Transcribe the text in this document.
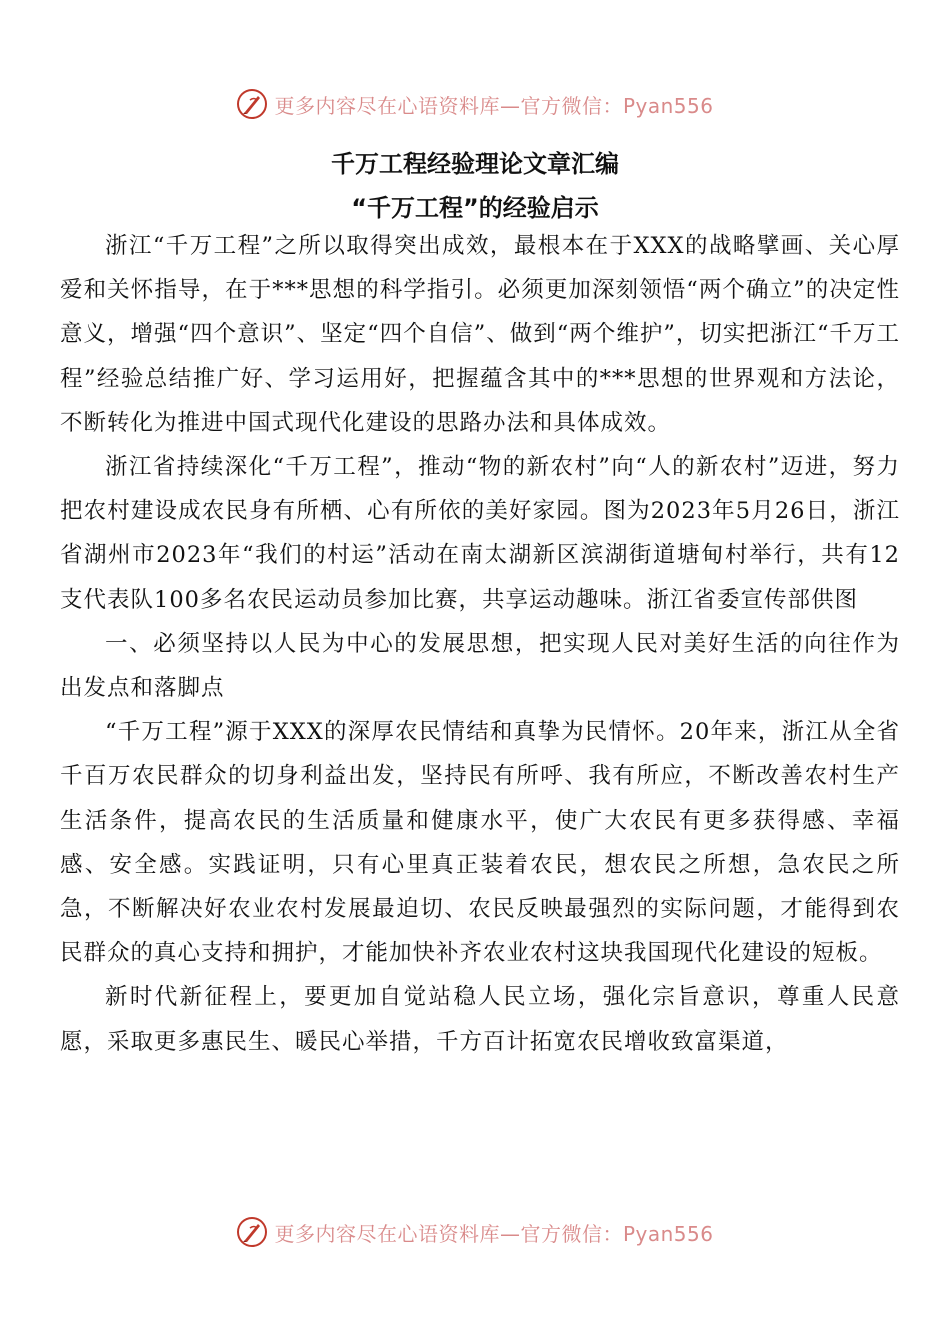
更多内容尽在心语资料库—官方微信：Pyan556
千万工程经验理论文章汇编
“千万工程”的经验启示

浙江“千万工程”之所以取得突出成效，最根本在于XXX的战略擘画、关心厚爱和关怀指导，在于***思想的科学指引。必须更加深刻领悟“两个确立”的决定性意义，增强“四个意识”、坚定“四个自信”、做到“两个维护”，切实把浙江“千万工程”经验总结推广好、学习运用好，把握蕴含其中的***思想的世界观和方法论，不断转化为推进中国式现代化建设的思路办法和具体成效。

浙江省持续深化“千万工程”，推动“物的新农村”向“人的新农村”迈进，努力把农村建设成农民身有所栖、心有所依的美好家园。图为2023年5月26日，浙江省湖州市2023年“我们的村运”活动在南太湖新区滨湖街道塘甸村举行，共有12支代表队100多名农民运动员参加比赛，共享运动趣味。浙江省委宣传部供图

一、必须坚持以人民为中心的发展思想，把实现人民对美好生活的向往作为出发点和落脚点

“千万工程”源于XXX的深厚农民情结和真挚为民情怀。20年来，浙江从全省千百万农民群众的切身利益出发，坚持民有所呼、我有所应，不断改善农村生产生活条件，提高农民的生活质量和健康水平，使广大农民有更多获得感、幸福感、安全感。实践证明，只有心里真正装着农民，想农民之所想，急农民之所急，不断解决好农业农村发展最迫切、农民反映最强烈的实际问题，才能得到农民群众的真心支持和拥护，才能加快补齐农业农村这块我国现代化建设的短板。

新时代新征程上，要更加自觉站稳人民立场，强化宗旨意识，尊重人民意愿，采取更多惠民生、暖民心举措，千方百计拓宽农民增收致富渠道，

更多内容尽在心语资料库—官方微信：Pyan556
